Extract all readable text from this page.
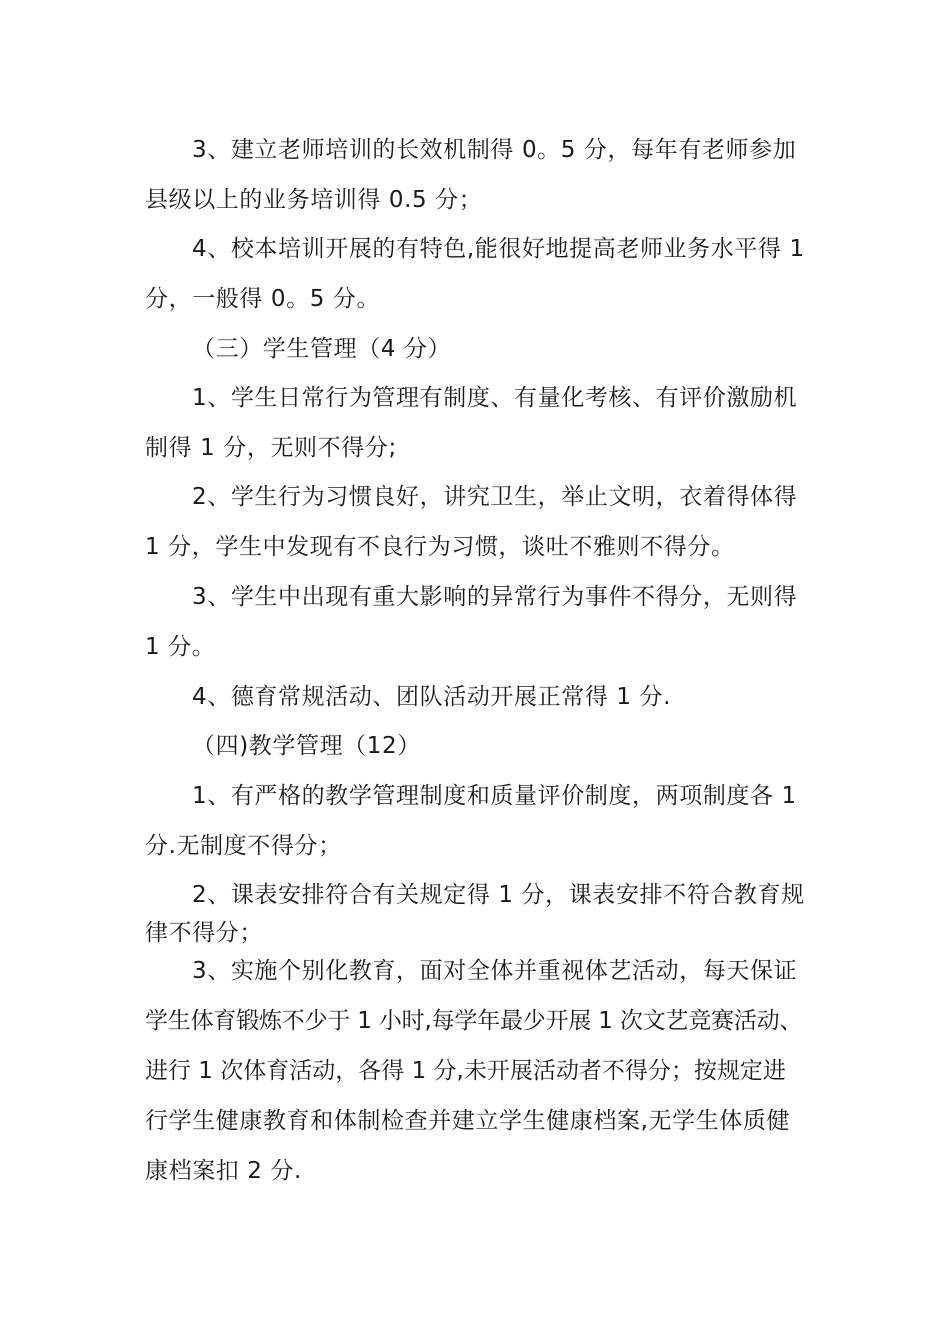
3、建立老师培训的长效机制得 0。5 分，每年有老师参加
县级以上的业务培训得 0.5 分；
4、校本培训开展的有特色,能很好地提高老师业务水平得 1
分，一般得 0。5 分。
（三）学生管理（4 分）
1、学生日常行为管理有制度、有量化考核、有评价激励机
制得 1 分，无则不得分;
2、学生行为习惯良好，讲究卫生，举止文明，衣着得体得
1 分，学生中发现有不良行为习惯，谈吐不雅则不得分。
3、学生中出现有重大影响的异常行为事件不得分，无则得
1 分。
4、德育常规活动、团队活动开展正常得 1 分.
（四)教学管理（12）
1、有严格的教学管理制度和质量评价制度，两项制度各 1
分.无制度不得分；
2、课表安排符合有关规定得 1 分，课表安排不符合教育规
律不得分；
3、实施个别化教育，面对全体并重视体艺活动，每天保证
学生体育锻炼不少于 1 小时,每学年最少开展 1 次文艺竞赛活动、
进行 1 次体育活动，各得 1 分,未开展活动者不得分；按规定进
行学生健康教育和体制检查并建立学生健康档案,无学生体质健
康档案扣 2 分.
